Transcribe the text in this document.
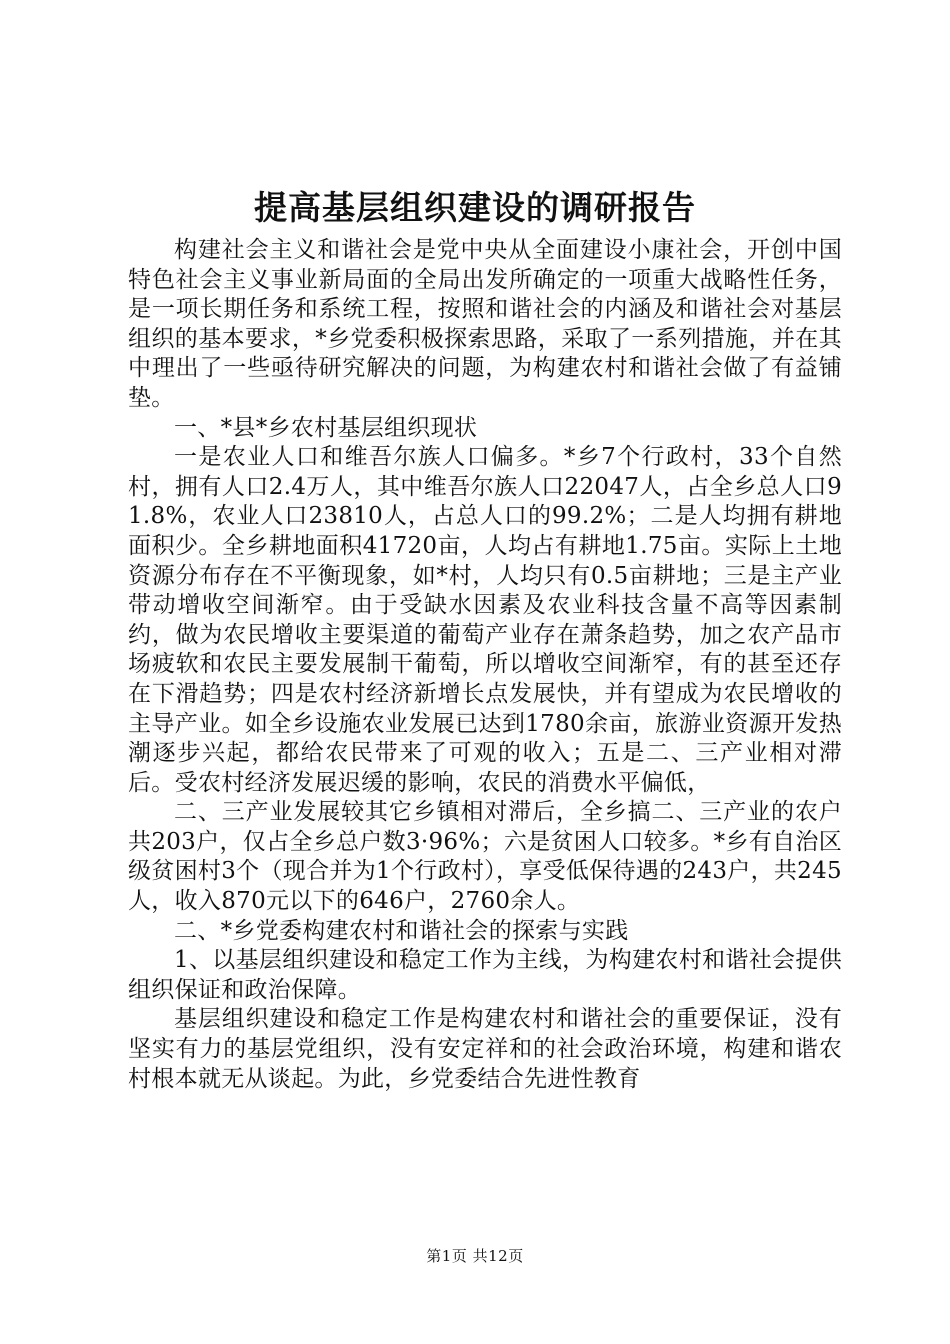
提高基层组织建设的调研报告

构建社会主义和谐社会是党中央从全面建设小康社会，开创中国特色社会主义事业新局面的全局出发所确定的一项重大战略性任务，是一项长期任务和系统工程，按照和谐社会的内涵及和谐社会对基层组织的基本要求，*乡党委积极探索思路，采取了一系列措施，并在其中理出了一些亟待研究解决的问题，为构建农村和谐社会做了有益铺垫。

一、*县*乡农村基层组织现状

一是农业人口和维吾尔族人口偏多。*乡7个行政村，33个自然村，拥有人口2.4万人，其中维吾尔族人口22047人，占全乡总人口91.8%，农业人口23810人，占总人口的99.2%；二是人均拥有耕地面积少。全乡耕地面积41720亩，人均占有耕地1.75亩。实际上土地资源分布存在不平衡现象，如*村，人均只有0.5亩耕地；三是主产业带动增收空间渐窄。由于受缺水因素及农业科技含量不高等因素制约，做为农民增收主要渠道的葡萄产业存在萧条趋势，加之农产品市场疲软和农民主要发展制干葡萄，所以增收空间渐窄，有的甚至还存在下滑趋势；四是农村经济新增长点发展快，并有望成为农民增收的主导产业。如全乡设施农业发展已达到1780余亩，旅游业资源开发热潮逐步兴起，都给农民带来了可观的收入；五是二、三产业相对滞后。受农村经济发展迟缓的影响，农民的消费水平偏低，

二、三产业发展较其它乡镇相对滞后，全乡搞二、三产业的农户共203户，仅占全乡总户数3·96%；六是贫困人口较多。*乡有自治区级贫困村3个（现合并为1个行政村），享受低保待遇的243户，共245人，收入870元以下的646户，2760余人。

二、*乡党委构建农村和谐社会的探索与实践

1、以基层组织建设和稳定工作为主线，为构建农村和谐社会提供组织保证和政治保障。

基层组织建设和稳定工作是构建农村和谐社会的重要保证，没有坚实有力的基层党组织，没有安定祥和的社会政治环境，构建和谐农村根本就无从谈起。为此，乡党委结合先进性教育

第1页 共12页
